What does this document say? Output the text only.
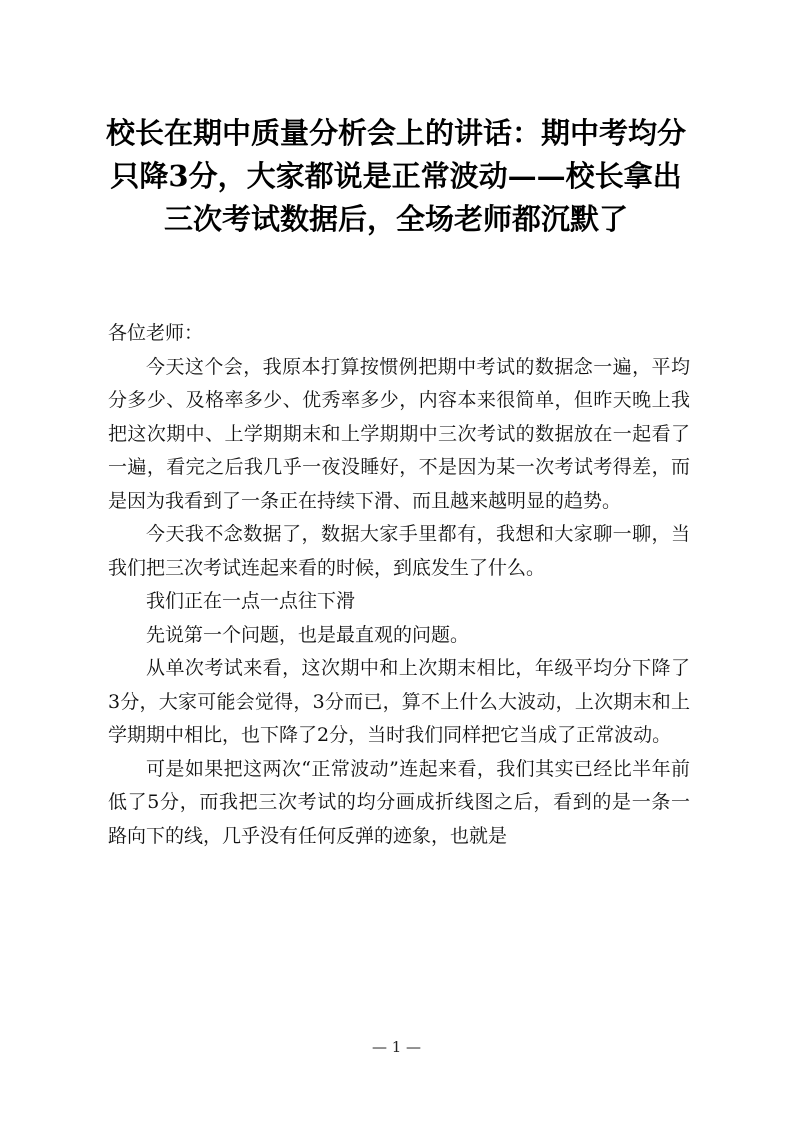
校长在期中质量分析会上的讲话：期中考均分只降3分，大家都说是正常波动——校长拿出三次考试数据后，全场老师都沉默了

各位老师：

今天这个会，我原本打算按惯例把期中考试的数据念一遍，平均分多少、及格率多少、优秀率多少，内容本来很简单，但昨天晚上我把这次期中、上学期期末和上学期期中三次考试的数据放在一起看了一遍，看完之后我几乎一夜没睡好，不是因为某一次考试考得差，而是因为我看到了一条正在持续下滑、而且越来越明显的趋势。

今天我不念数据了，数据大家手里都有，我想和大家聊一聊，当我们把三次考试连起来看的时候，到底发生了什么。

我们正在一点一点往下滑

先说第一个问题，也是最直观的问题。

从单次考试来看，这次期中和上次期末相比，年级平均分下降了3分，大家可能会觉得，3分而已，算不上什么大波动，上次期末和上学期期中相比，也下降了2分，当时我们同样把它当成了正常波动。

可是如果把这两次“正常波动”连起来看，我们其实已经比半年前低了5分，而我把三次考试的均分画成折线图之后，看到的是一条一路向下的线，几乎没有任何反弹的迹象，也就是

— 1 —
